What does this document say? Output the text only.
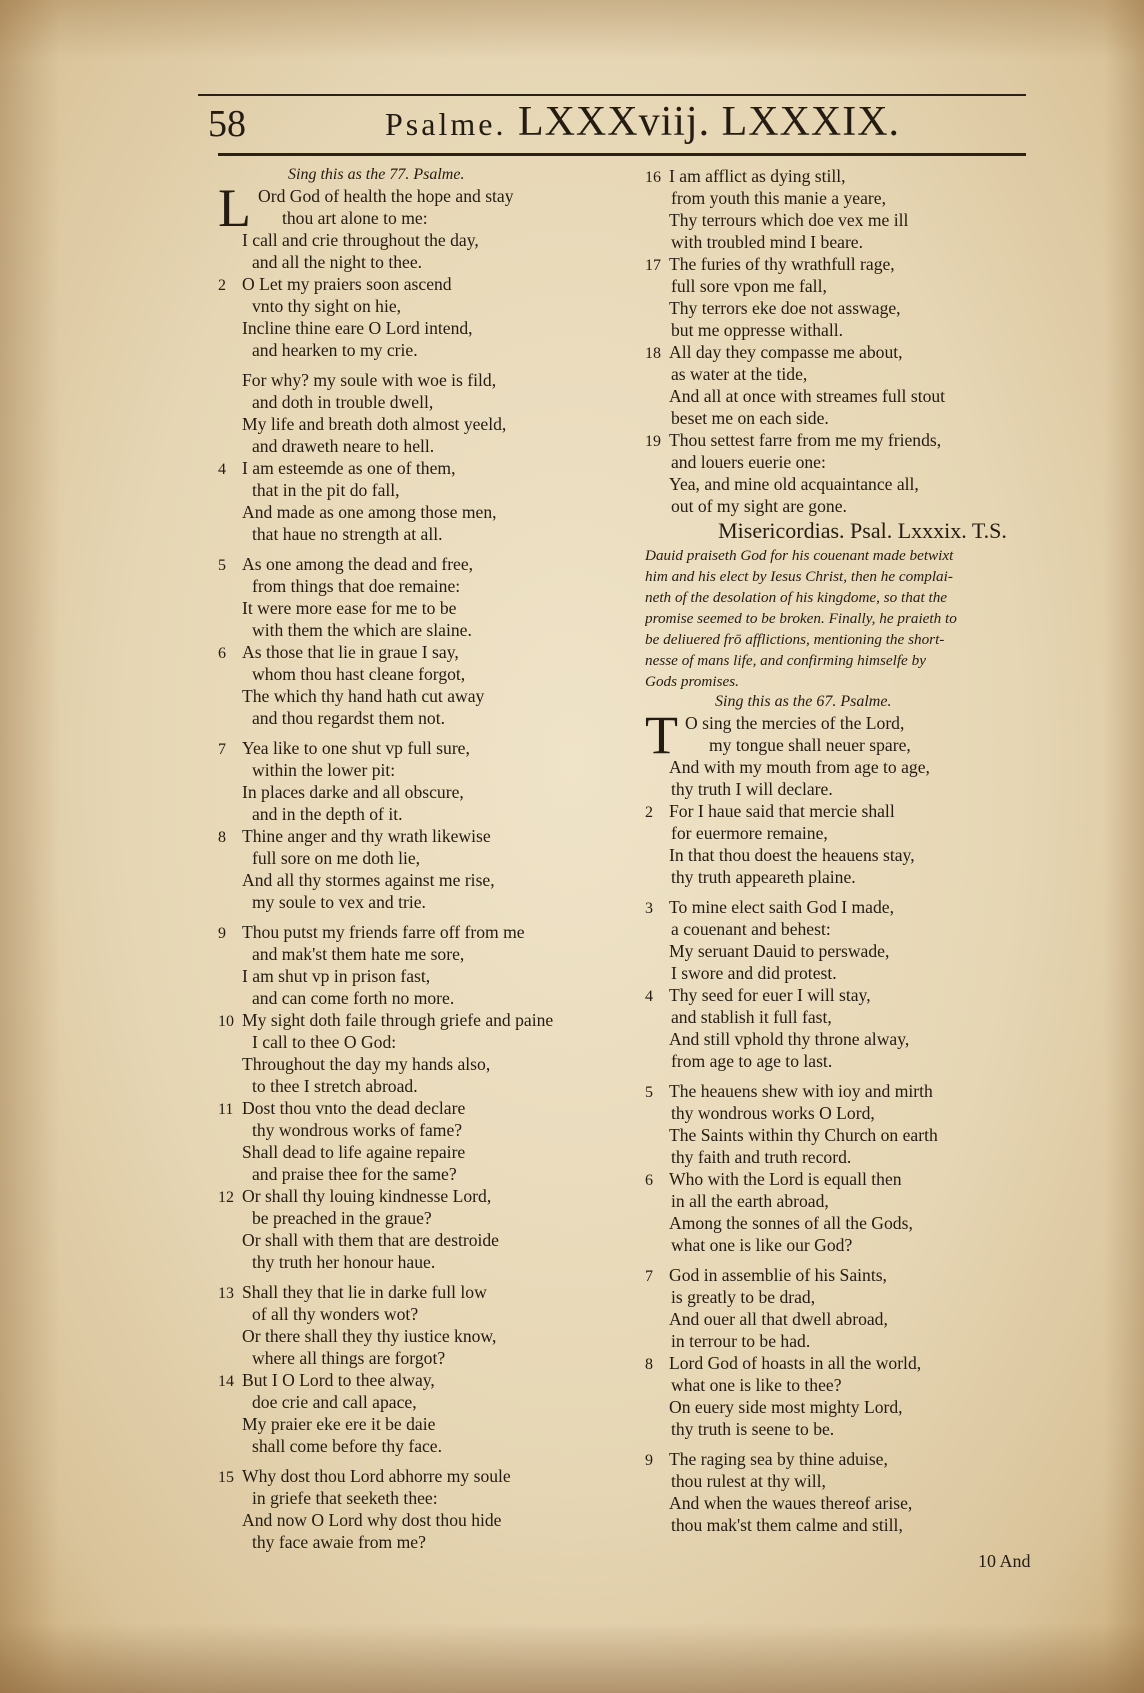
58	Psalme. LXXXviij. LXXXIX.
Sing this as the 77. Psalme.
L Ord God of health the hope and stay
thou art alone to me:
I call and crie throughout the day,
and all the night to thee.
2 O Let my praiers soon ascend
vnto thy sight on hie,
Incline thine eare O Lord intend,
and hearken to my crie.
For why? my soule with woe is fild,
and doth in trouble dwell,
My life and breath doth almost yeeld,
and draweth neare to hell.
4 I am esteemde as one of them,
that in the pit do fall,
And made as one among those men,
that haue no strength at all.
5 As one among the dead and free,
from things that doe remaine:
It were more ease for me to be
with them the which are slaine.
6 As those that lie in graue I say,
whom thou hast cleane forgot,
The which thy hand hath cut away
and thou regardst them not.
7 Yea like to one shut vp full sure,
within the lower pit:
In places darke and all obscure,
and in the depth of it.
8 Thine anger and thy wrath likewise
full sore on me doth lie,
And all thy stormes against me rise,
my soule to vex and trie.
9 Thou putst my friends farre off from me
and mak'st them hate me sore,
I am shut vp in prison fast,
and can come forth no more.
10 My sight doth faile through griefe and paine
I call to thee O God:
Throughout the day my hands also,
to thee I stretch abroad.
11 Dost thou vnto the dead declare
thy wondrous works of fame?
Shall dead to life againe repaire
and praise thee for the same?
12 Or shall thy louing kindnesse Lord,
be preached in the graue?
Or shall with them that are destroide
thy truth her honour haue.
13 Shall they that lie in darke full low
of all thy wonders wot?
Or there shall they thy iustice know,
where all things are forgot?
14 But I O Lord to thee alway,
doe crie and call apace,
My praier eke ere it be daie
shall come before thy face.
15 Why dost thou Lord abhorre my soule
in griefe that seeketh thee:
And now O Lord why dost thou hide
thy face awaie from me?
16 I am afflict as dying still,
from youth this manie a yeare,
Thy terrours which doe vex me ill
with troubled mind I beare.
17 The furies of thy wrathfull rage,
full sore vpon me fall,
Thy terrors eke doe not asswage,
but me oppresse withall.
18 All day they compasse me about,
as water at the tide,
And all at once with streames full stout
beset me on each side.
19 Thou settest farre from me my friends,
and louers euerie one:
Yea, and mine old acquaintance all,
out of my sight are gone.
Misericordias. Psal. Lxxxix. T.S.
Dauid praiseth God for his couenant made betwixt
him and his elect by Iesus Christ, then he complai-
neth of the desolation of his kingdome, so that the
promise seemed to be broken. Finally, he praieth to
be deliuered frō afflictions, mentioning the short-
nesse of mans life, and confirming himselfe by
Gods promises.
Sing this as the 67. Psalme.
T O sing the mercies of the Lord,
my tongue shall neuer spare,
And with my mouth from age to age,
thy truth I will declare.
2 For I haue said that mercie shall
for euermore remaine,
In that thou doest the heauens stay,
thy truth appeareth plaine.
3 To mine elect saith God I made,
a couenant and behest:
My seruant Dauid to perswade,
I swore and did protest.
4 Thy seed for euer I will stay,
and stablish it full fast,
And still vphold thy throne alway,
from age to age to last.
5 The heauens shew with ioy and mirth
thy wondrous works O Lord,
The Saints within thy Church on earth
thy faith and truth record.
6 Who with the Lord is equall then
in all the earth abroad,
Among the sonnes of all the Gods,
what one is like our God?
7 God in assemblie of his Saints,
is greatly to be drad,
And ouer all that dwell abroad,
in terrour to be had.
8 Lord God of hoasts in all the world,
what one is like to thee?
On euery side most mighty Lord,
thy truth is seene to be.
9 The raging sea by thine aduise,
thou rulest at thy will,
And when the waues thereof arise,
thou mak'st them calme and still,
10 And
